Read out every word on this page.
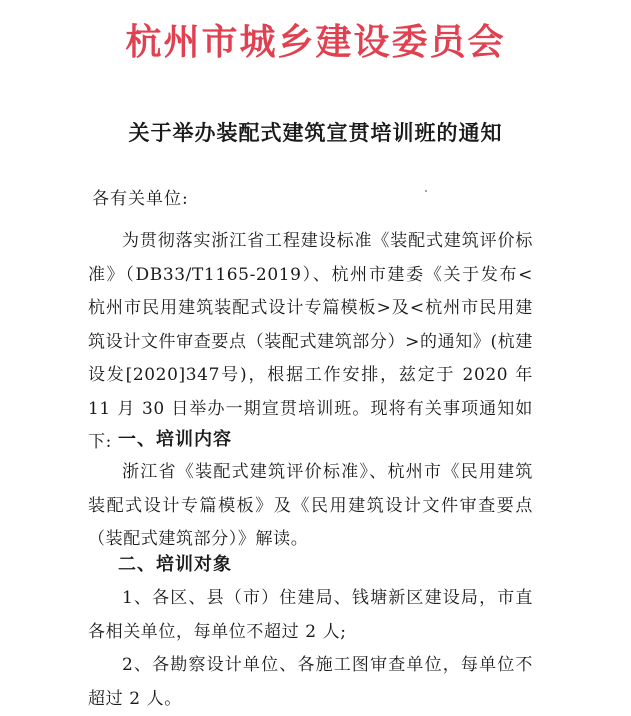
杭州市城乡建设委员会
关于举办装配式建筑宣贯培训班的通知
各有关单位:

为贯彻落实浙江省工程建设标准《装配式建筑评价标准》（DB33/T1165-2019）、杭州市建委《关于发布<杭州市民用建筑装配式设计专篇模板>及<杭州市民用建筑设计文件审查要点（装配式建筑部分）>的通知》(杭建设发[2020]347号)，根据工作安排，兹定于 2020 年 11 月 30 日举办一期宣贯培训班。现将有关事项通知如下: 一、培训内容

浙江省《装配式建筑评价标准》、杭州市《民用建筑装配式设计专篇模板》及《民用建筑设计文件审查要点（装配式建筑部分）》解读。

二、培训对象

1、各区、县（市）住建局、钱塘新区建设局，市直各相关单位，每单位不超过 2 人;

2、各勘察设计单位、各施工图审查单位，每单位不超过 2 人。
